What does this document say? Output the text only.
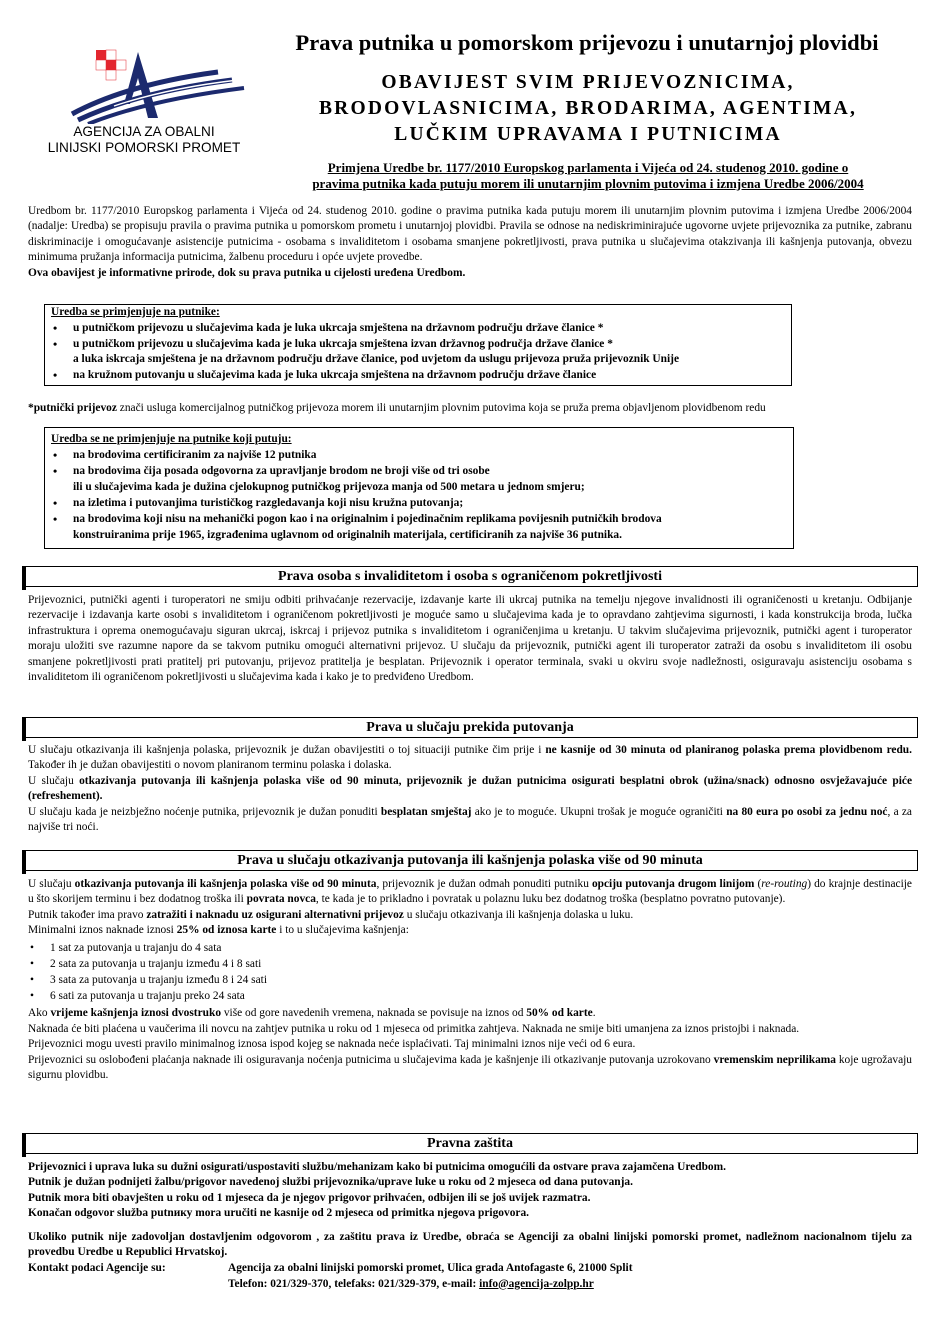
AGENCIJA ZA OBALNI
LINIJSKI POMORSKI PROMET
Prava putnika u pomorskom prijevozu i unutarnjoj plovidbi
OBAVIJEST SVIM PRIJEVOZNICIMA,
BRODOVLASNICIMA, BRODARIMA, AGENTIMA,
LUČKIM UPRAVAMA I PUTNICIMA
Primjena Uredbe br. 1177/2010 Europskog parlamenta i Vijeća od 24. studenog 2010. godine o
pravima putnika kada putuju morem ili unutarnjim plovnim putovima i izmjena Uredbe 2006/2004

Uredbom br. 1177/2010 Europskog parlamenta i Vijeća od 24. studenog 2010. godine o pravima putnika kada putuju morem ili unutarnjim plovnim putovima i izmjena Uredbe 2006/2004 (nadalje: Uredba) se propisuju pravila o pravima putnika u pomorskom prometu i unutarnjoj plovidbi. Pravila se odnose na nediskriminirajuće ugovorne uvjete prijevoznika za putnike, zabranu diskriminacije i omogućavanje asistencije putnicima - osobama s invaliditetom i osobama smanjene pokretljivosti, prava putnika u slučajevima otakzivanja ili kašnjenja putovanja, obvezu minimuma pružanja informacija putnicima, žalbenu proceduru i opće uvjete provedbe.

Ova obavijest je informativne prirode, dok su prava putnika u cijelosti uređena Uredbom.

Uredba se primjenjuje na putnike:
• u putničkom prijevozu u slučajevima kada je luka ukrcaja smještena na državnom području države članice *
• u putničkom prijevozu u slučajevima kada je luka ukrcaja smještena izvan državnog područja države članice *
a luka iskrcaja smještena je na državnom području države članice, pod uvjetom da uslugu prijevoza pruža prijevoznik Unije
• na kružnom putovanju u slučajevima kada je luka ukrcaja smještena na državnom području države članice

*putnički prijevoz znači usluga komercijalnog putničkog prijevoza morem ili unutarnjim plovnim putovima koja se pruža prema objavljenom plovidbenom redu

Uredba se ne primjenjuje na putnike koji putuju:
• na brodovima certificiranim za najviše 12 putnika
• na brodovima čija posada odgovorna za upravljanje brodom ne broji više od tri osobe
ili u slučajevima kada je dužina cjelokupnog putničkog prijevoza manja od 500 metara u jednom smjeru;
• na izletima i putovanjima turističkog razgledavanja koji nisu kružna putovanja;
• na brodovima koji nisu na mehanički pogon kao i na originalnim i pojedinačnim replikama povijesnih putničkih brodova
konstruiranima prije 1965, izgrađenima uglavnom od originalnih materijala, certificiranih za najviše 36 putnika.
Prava osoba s invaliditetom i osoba s ograničenom pokretljivosti

Prijevoznici, putnički agenti i turoperatori ne smiju odbiti prihvaćanje rezervacije, izdavanje karte ili ukrcaj putnika na temelju njegove invalidnosti ili ograničenosti u kretanju. Odbijanje rezervacije i izdavanja karte osobi s invaliditetom i ograničenom pokretljivosti je moguće samo u slučajevima kada je to opravdano zahtjevima sigurnosti, i kada konstrukcija broda, lučka infrastruktura i oprema onemogućavaju siguran ukrcaj, iskrcaj i prijevoz putnika s invaliditetom i ograničenjima u kretanju. U takvim slučajevima prijevoznik, putnički agent i turoperator moraju uložiti sve razumne napore da se takvom putniku omogući alternativni prijevoz. U slučaju da prijevoznik, putnički agent ili turoperator zatraži da osobu s invaliditetom ili osobu smanjene pokretljivosti prati pratitelj pri putovanju, prijevoz pratitelja je besplatan. Prijevoznik i operator terminala, svaki u okviru svoje nadležnosti, osiguravaju asistenciju osobama s invaliditetom ili ograničenom pokretljivosti u slučajevima kada i kako je to predviđeno Uredbom.

Prava u slučaju prekida putovanja

U slučaju otkazivanja ili kašnjenja polaska, prijevoznik je dužan obavijestiti o toj situaciji putnike čim prije i ne kasnije od 30 minuta od planiranog polaska prema plovidbenom redu. Također ih je dužan obavijestiti o novom planiranom terminu polaska i dolaska.

U slučaju otkazivanja putovanja ili kašnjenja polaska više od 90 minuta, prijevoznik je dužan putnicima osigurati besplatni obrok (užina/snack) odnosno osvježavajuće piće (refreshement).

U slučaju kada je neizbježno noćenje putnika, prijevoznik je dužan ponuditi besplatan smještaj ako je to moguće. Ukupni trošak je moguće ograničiti na 80 eura po osobi za jednu noć, a za najviše tri noći.

Prava u slučaju otkazivanja putovanja ili kašnjenja polaska više od 90 minuta

U slučaju otkazivanja putovanja ili kašnjenja polaska više od 90 minuta, prijevoznik je dužan odmah ponuditi putniku opciju putovanja drugom linijom (re-routing) do krajnje destinacije u što skorijem terminu i bez dodatnog troška ili povrata novca, te kada je to prikladno i povratak u polaznu luku bez dodatnog troška (besplatno povratno putovanje).

Putnik također ima pravo zatražiti i naknadu uz osigurani alternativni prijevoz u slučaju otkazivanja ili kašnjenja dolaska u luku.

Minimalni iznos naknade iznosi 25% od iznosa karte i to u slučajevima kašnjenja:

• 1 sat za putovanja u trajanju do 4 sata
• 2 sata za putovanja u trajanju između 4 i 8 sati
• 3 sata za putovanja u trajanju između 8 i 24 sati
• 6 sati za putovanja u trajanju preko 24 sata

Ako vrijeme kašnjenja iznosi dvostruko više od gore navedenih vremena, naknada se povisuje na iznos od 50% od karte.

Naknada će biti plaćena u vaučerima ili novcu na zahtjev putnika u roku od 1 mjeseca od primitka zahtjeva. Naknada ne smije biti umanjena za iznos pristojbi i naknada.

Prijevoznici mogu uvesti pravilo minimalnog iznosa ispod kojeg se naknada neće isplaćivati. Taj minimalni iznos nije veći od 6 eura.

Prijevoznici su oslobođeni plaćanja naknade ili osiguravanja noćenja putnicima u slučajevima kada je kašnjenje ili otkazivanje putovanja uzrokovano vremenskim neprilikama koje ugrožavaju sigurnu plovidbu.

Pravna zaštita

Prijevoznici i uprava luka su dužni osigurati/uspostaviti službu/mehanizam kako bi putnicima omogućili da ostvare prava zajamčena Uredbom.

Putnik je dužan podnijeti žalbu/prigovor navedenoj službi prijevoznika/uprave luke u roku od 2 mjeseca od dana putovanja.

Putnik mora biti obavješten u roku od 1 mjeseca da je njegov prigovor prihvaćen, odbijen ili se još uvijek razmatra.

Konačan odgovor služba putnику mora uručiti ne kasnije od 2 mjeseca od primitka njegova prigovora.

Ukoliko putnik nije zadovoljan dostavljenim odgovorom , za zaštitu prava iz Uredbe, obraća se Agenciji za obalni linijski pomorski promet, nadležnom nacionalnom tijelu za provedbu Uredbe u Republici Hrvatskoj.

Kontakt podaci Agencije su:	Agencija za obalni linijski pomorski promet, Ulica grada Antofagaste 6, 21000 Split
Telefon: 021/329-370, telefaks: 021/329-379, e-mail: info@agencija-zolpp.hr
